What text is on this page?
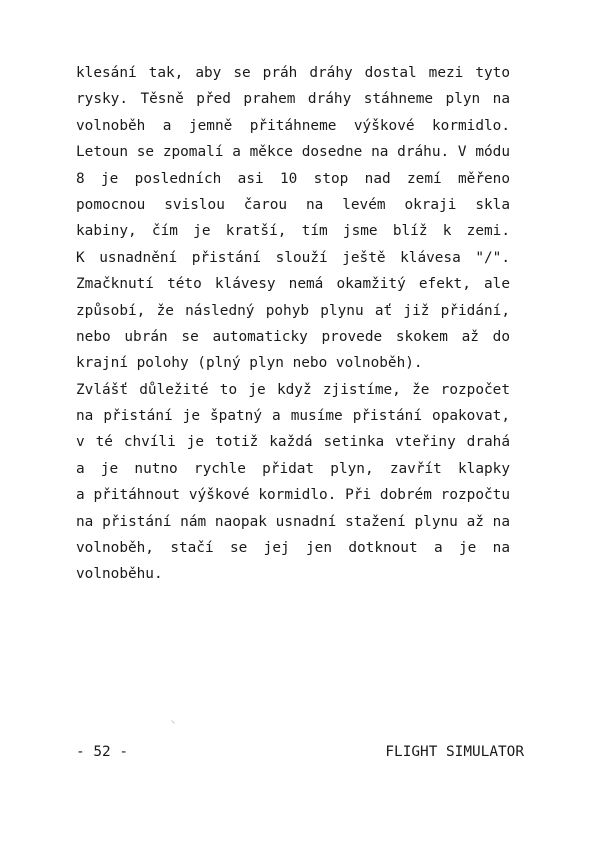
klesání tak, aby se práh dráhy dostal mezi tyto
rysky. Těsně před prahem dráhy stáhneme plyn na
volnoběh a jemně přitáhneme výškové kormidlo.
Letoun se zpomalí a měkce dosedne na dráhu. V módu
8 je posledních asi 10 stop nad zemí měřeno
pomocnou svislou čarou na levém okraji skla
kabiny, čím je kratší, tím jsme blíž k zemi.
K usnadnění přistání slouží ještě klávesa "/".
Zmačknutí této klávesy nemá okamžitý efekt, ale
způsobí, že následný pohyb plynu ať již přidání,
nebo ubrán se automaticky provede skokem až do
krajní polohy (plný plyn nebo volnoběh).
Zvlášť důležité to je když zjistíme, že rozpočet
na přistání je špatný a musíme přistání opakovat,
v té chvíli je totiž každá setinka vteřiny drahá
a je nutno rychle přidat plyn, zavřít klapky
a přitáhnout výškové kormidlo. Při dobrém rozpočtu
na přistání nám naopak usnadní stažení plynu až na
volnoběh, stačí se jej jen dotknout a je na
volnoběhu.
- 52 -	FLIGHT SIMULATOR
